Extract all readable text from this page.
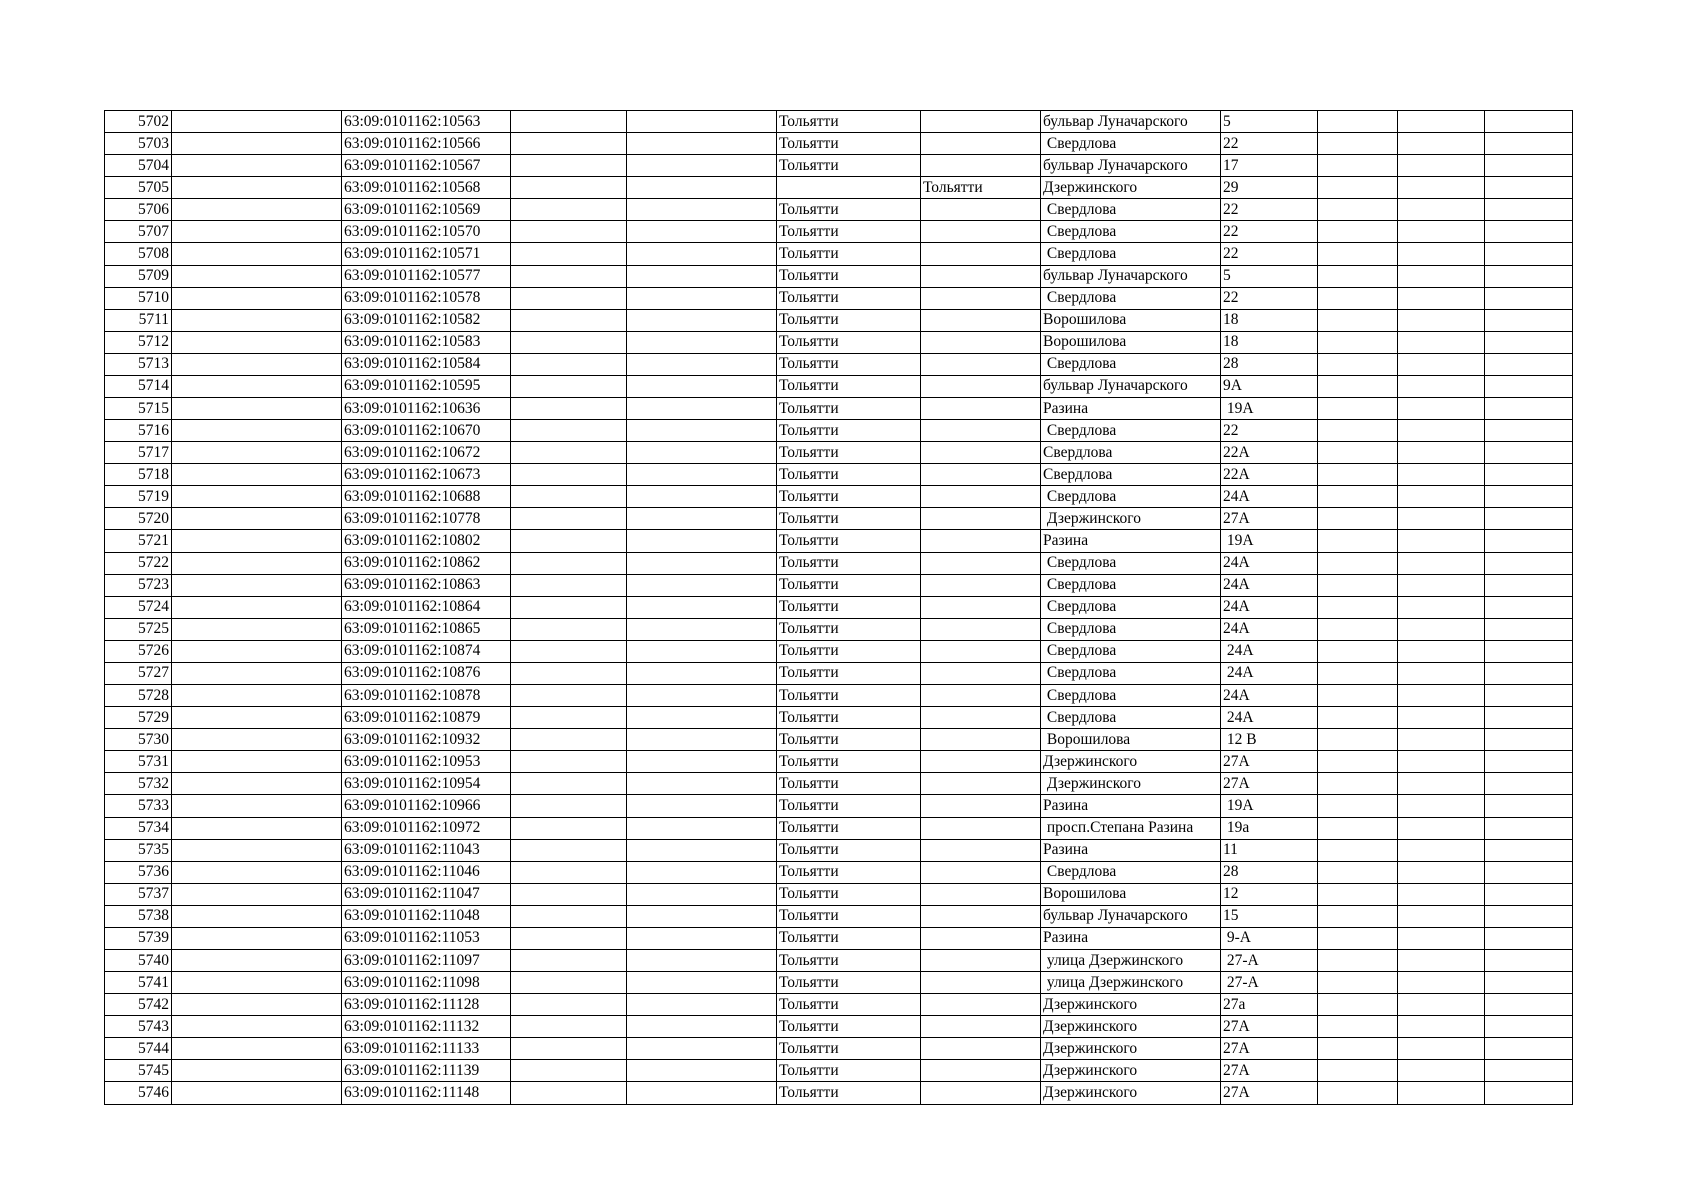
5702		63:09:0101162:10563			Тольятти		бульвар Луначарского	5			
5703		63:09:0101162:10566			Тольятти		Свердлова	22			
5704		63:09:0101162:10567			Тольятти		бульвар Луначарского	17			
5705		63:09:0101162:10568				Тольятти	Дзержинского	29			
5706		63:09:0101162:10569			Тольятти		Свердлова	22			
5707		63:09:0101162:10570			Тольятти		Свердлова	22			
5708		63:09:0101162:10571			Тольятти		Свердлова	22			
5709		63:09:0101162:10577			Тольятти		бульвар Луначарского	5			
5710		63:09:0101162:10578			Тольятти		Свердлова	22			
5711		63:09:0101162:10582			Тольятти		Ворошилова	18			
5712		63:09:0101162:10583			Тольятти		Ворошилова	18			
5713		63:09:0101162:10584			Тольятти		Свердлова	28			
5714		63:09:0101162:10595			Тольятти		бульвар Луначарского	9А			
5715		63:09:0101162:10636			Тольятти		Разина	19А			
5716		63:09:0101162:10670			Тольятти		Свердлова	22			
5717		63:09:0101162:10672			Тольятти		Свердлова	22А			
5718		63:09:0101162:10673			Тольятти		Свердлова	22А			
5719		63:09:0101162:10688			Тольятти		Свердлова	24А			
5720		63:09:0101162:10778			Тольятти		Дзержинского	27А			
5721		63:09:0101162:10802			Тольятти		Разина	19А			
5722		63:09:0101162:10862			Тольятти		Свердлова	24А			
5723		63:09:0101162:10863			Тольятти		Свердлова	24А			
5724		63:09:0101162:10864			Тольятти		Свердлова	24А			
5725		63:09:0101162:10865			Тольятти		Свердлова	24А			
5726		63:09:0101162:10874			Тольятти		Свердлова	24А			
5727		63:09:0101162:10876			Тольятти		Свердлова	24А			
5728		63:09:0101162:10878			Тольятти		Свердлова	24А			
5729		63:09:0101162:10879			Тольятти		Свердлова	24А			
5730		63:09:0101162:10932			Тольятти		Ворошилова	12 В			
5731		63:09:0101162:10953			Тольятти		Дзержинского	27А			
5732		63:09:0101162:10954			Тольятти		Дзержинского	27А			
5733		63:09:0101162:10966			Тольятти		Разина	19А			
5734		63:09:0101162:10972			Тольятти		просп.Степана Разина	19а			
5735		63:09:0101162:11043			Тольятти		Разина	11			
5736		63:09:0101162:11046			Тольятти		Свердлова	28			
5737		63:09:0101162:11047			Тольятти		Ворошилова	12			
5738		63:09:0101162:11048			Тольятти		бульвар Луначарского	15			
5739		63:09:0101162:11053			Тольятти		Разина	9-А			
5740		63:09:0101162:11097			Тольятти		улица Дзержинского	27-А			
5741		63:09:0101162:11098			Тольятти		улица Дзержинского	27-А			
5742		63:09:0101162:11128			Тольятти		Дзержинского	27а			
5743		63:09:0101162:11132			Тольятти		Дзержинского	27А			
5744		63:09:0101162:11133			Тольятти		Дзержинского	27А			
5745		63:09:0101162:11139			Тольятти		Дзержинского	27А			
5746		63:09:0101162:11148			Тольятти		Дзержинского	27А			
